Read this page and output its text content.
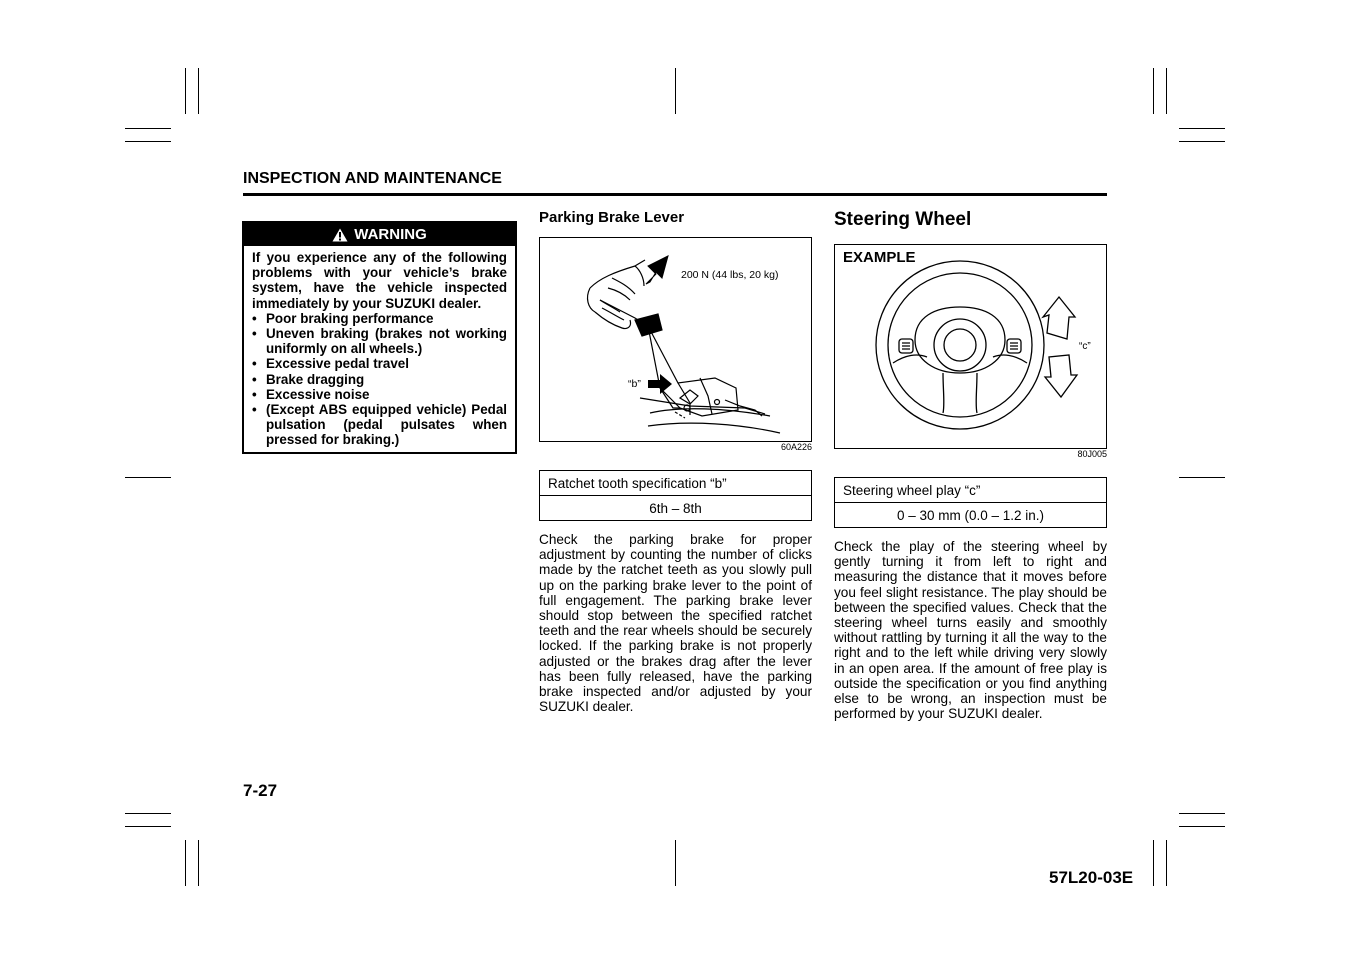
INSPECTION AND MAINTENANCE
WARNING
If you experience any of the following problems with your vehicle’s brake system, have the vehicle inspected immediately by your SUZUKI dealer.
• Poor braking performance
• Uneven braking (brakes not working uniformly on all wheels.)
• Excessive pedal travel
• Brake dragging
• Excessive noise
• (Except ABS equipped vehicle) Pedal pulsation (pedal pulsates when pressed for braking.)
Parking Brake Lever
200 N (44 lbs, 20 kg)
“b”
60A226
Ratchet tooth specification “b”
6th – 8th
Check the parking brake for proper adjustment by counting the number of clicks made by the ratchet teeth as you slowly pull up on the parking brake lever to the point of full engagement. The parking brake lever should stop between the specified ratchet teeth and the rear wheels should be securely locked. If the parking brake is not properly adjusted or the brakes drag after the lever has been fully released, have the parking brake inspected and/or adjusted by your SUZUKI dealer.
Steering Wheel
EXAMPLE
“c”
80J005
Steering wheel play “c”
0 – 30 mm (0.0 – 1.2 in.)
Check the play of the steering wheel by gently turning it from left to right and measuring the distance that it moves before you feel slight resistance. The play should be between the specified values. Check that the steering wheel turns easily and smoothly without rattling by turning it all the way to the right and to the left while driving very slowly in an open area. If the amount of free play is outside the specification or you find anything else to be wrong, an inspection must be performed by your SUZUKI dealer.
7-27
57L20-03E
